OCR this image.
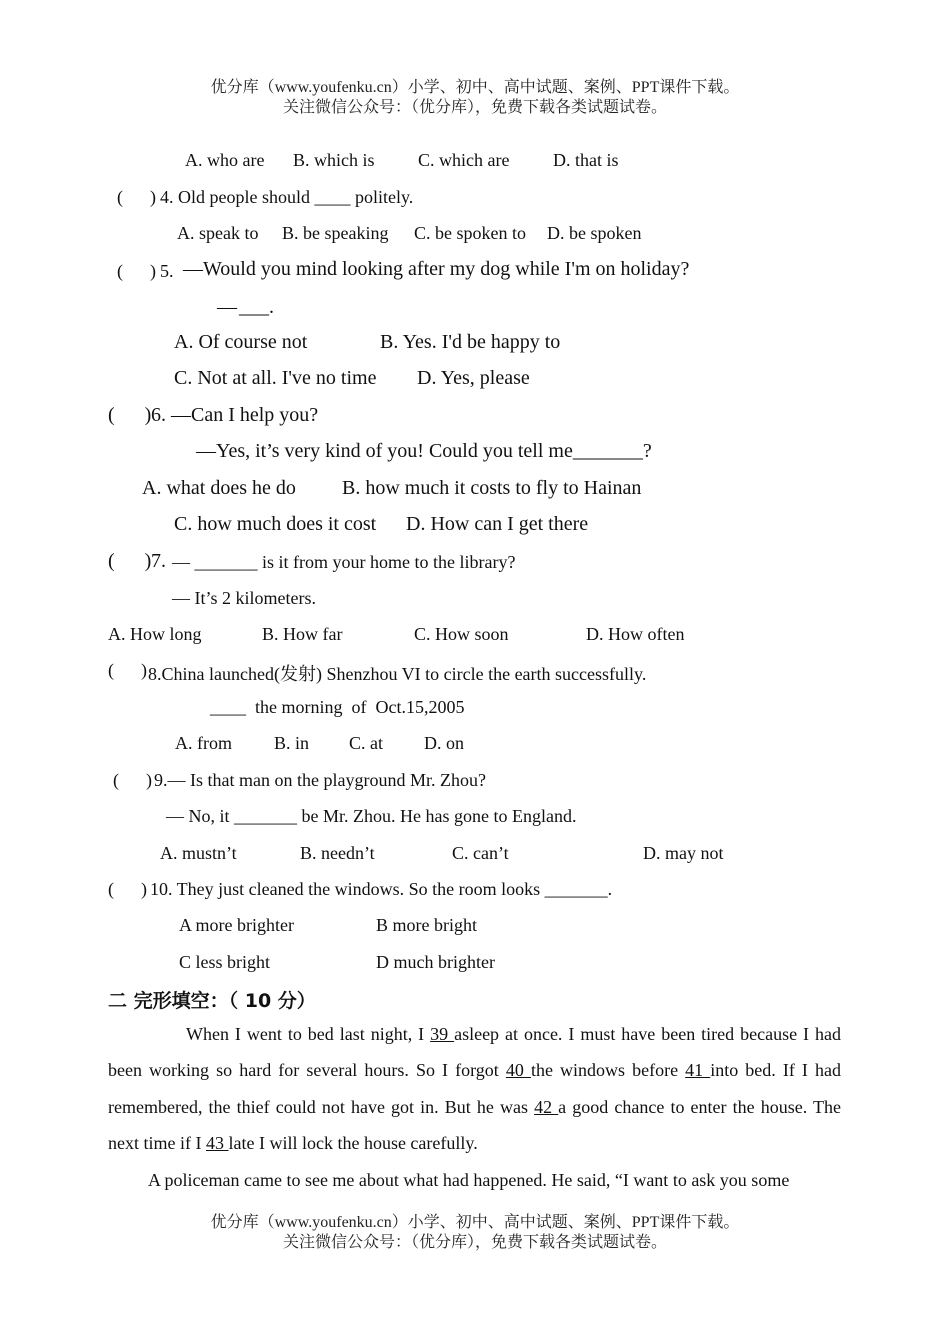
优分库（www.youfenku.cn）小学、初中、高中试题、案例、PPT课件下载。
关注微信公众号：（优分库），免费下载各类试题试卷。
A. who are B. which is C. which are D. that is
(      ) 4. Old people should ____ politely.
A. speak to B. be speaking C. be spoken to D. be spoken
(      ) 5. —Would you mind looking after my dog while I'm on holiday?
— ___.
A. Of course not	B. Yes. I'd be happy to
C. Not at all. I've no time D. Yes, please
(      ) 6. —Can I help you?
—Yes, it’s very kind of you! Could you tell me_______?
A. what does he do B. how much it costs to fly to Hainan
C. how much does it cost D. How can I get there
(      ) 7. — _______ is it from your home to the library?
— It’s 2 kilometers.
A. How long	B. How far	C. How soon	D. How often
(      ) 8.China launched(发射) Shenzhou VI to circle the earth successfully.
____  the morning  of  Oct.15,2005
A. from B. in C. at D. on
(      ) 9.— Is that man on the playground Mr. Zhou?
— No, it _______ be Mr. Zhou. He has gone to England.
A. mustn’t	B. needn’t	C. can’t	D. may not
(      ) 10. They just cleaned the windows. So the room looks _______.
A more brighter	B more bright
C less bright	D much brighter
二 完形填空：（ 10 分）
When I went to bed last night, I 39 asleep at once. I must have been tired because I had been working so hard for several hours. So I forgot 40 the windows before 41 into bed. If I had remembered, the thief could not have got in. But he was 42 a good chance to enter the house. The next time if I 43 late I will lock the house carefully.
A policeman came to see me about what had happened. He said, “I want to ask you some
优分库（www.youfenku.cn）小学、初中、高中试题、案例、PPT课件下载。
关注微信公众号：（优分库），免费下载各类试题试卷。
